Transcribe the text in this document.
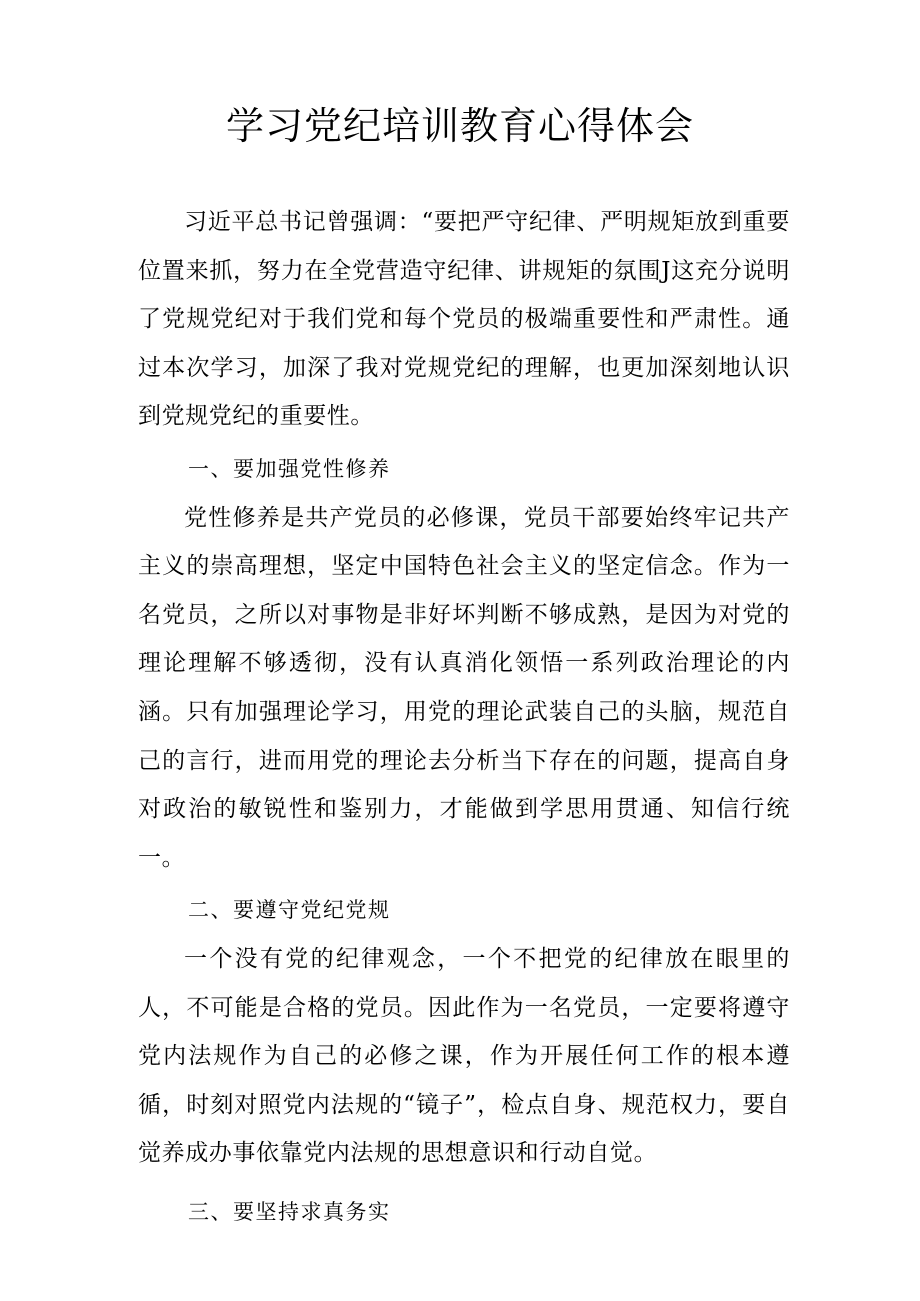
学习党纪培训教育心得体会

习近平总书记曾强调：“要把严守纪律、严明规矩放到重要位置来抓，努力在全党营造守纪律、讲规矩的氛围J这充分说明了党规党纪对于我们党和每个党员的极端重要性和严肃性。通过本次学习，加深了我对党规党纪的理解，也更加深刻地认识到党规党纪的重要性。

一、要加强党性修养

党性修养是共产党员的必修课，党员干部要始终牢记共产主义的崇高理想，坚定中国特色社会主义的坚定信念。作为一名党员，之所以对事物是非好坏判断不够成熟，是因为对党的理论理解不够透彻，没有认真消化领悟一系列政治理论的内涵。只有加强理论学习，用党的理论武装自己的头脑，规范自己的言行，进而用党的理论去分析当下存在的问题，提高自身对政治的敏锐性和鉴别力，才能做到学思用贯通、知信行统一。

二、要遵守党纪党规

一个没有党的纪律观念，一个不把党的纪律放在眼里的人，不可能是合格的党员。因此作为一名党员，一定要将遵守党内法规作为自己的必修之课，作为开展任何工作的根本遵循，时刻对照党内法规的“镜子”，检点自身、规范权力，要自觉养成办事依靠党内法规的思想意识和行动自觉。

三、要坚持求真务实
